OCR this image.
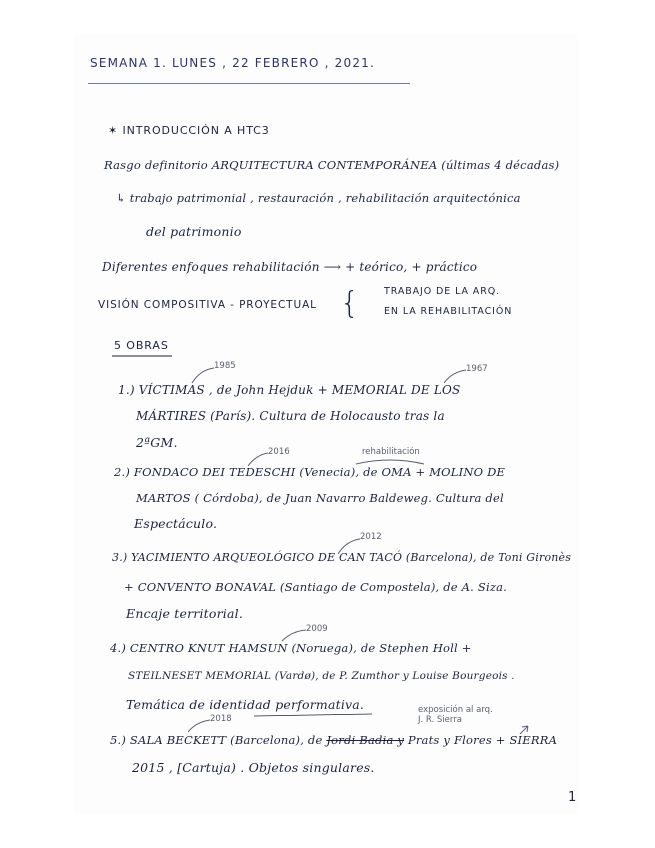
SEMANA 1. LUNES , 22 FEBRERO , 2021.
✶ INTRODUCCIÓN A HTC3
Rasgo definitorio ARQUITECTURA CONTEMPORÁNEA (últimas 4 décadas)
↳ trabajo patrimonial , restauración , rehabilitación arquitectónica
del patrimonio
Diferentes enfoques rehabilitación ⟶ + teórico, + práctico
VISIÓN COMPOSITIVA - PROYECTUAL {	TRABAJO DE LA ARQ.
EN LA REHABILITACIÓN
5 OBRAS
1985	1967
1.) VÍCTIMAS , de John Hejduk + MEMORIAL DE LOS
MÁRTIRES (París). Cultura de Holocausto tras la
2ªGM.
2016	rehabilitación
2.) FONDACO DEI TEDESCHI (Venecia), de OMA + MOLINO DE
MARTOS ( Córdoba), de Juan Navarro Baldeweg. Cultura del
Espectáculo.
2012
3.) YACIMIENTO ARQUEOLÓGICO DE CAN TACÓ (Barcelona), de Toni Gironès
+ CONVENTO BONAVAL (Santiago de Compostela), de A. Siza.
Encaje territorial.
2009
4.) CENTRO KNUT HAMSUN (Noruega), de Stephen Holl +
STEILNESET MEMORIAL (Vardø), de P. Zumthor y Louise Bourgeois .
Temática de identidad performativa.
2018
exposición al arq. J. R. Sierra
5.) SALA BECKETT (Barcelona), de Jordi Badia y Prats y Flores + SIERRA
2015 , [Cartuja) . Objetos singulares.
1
